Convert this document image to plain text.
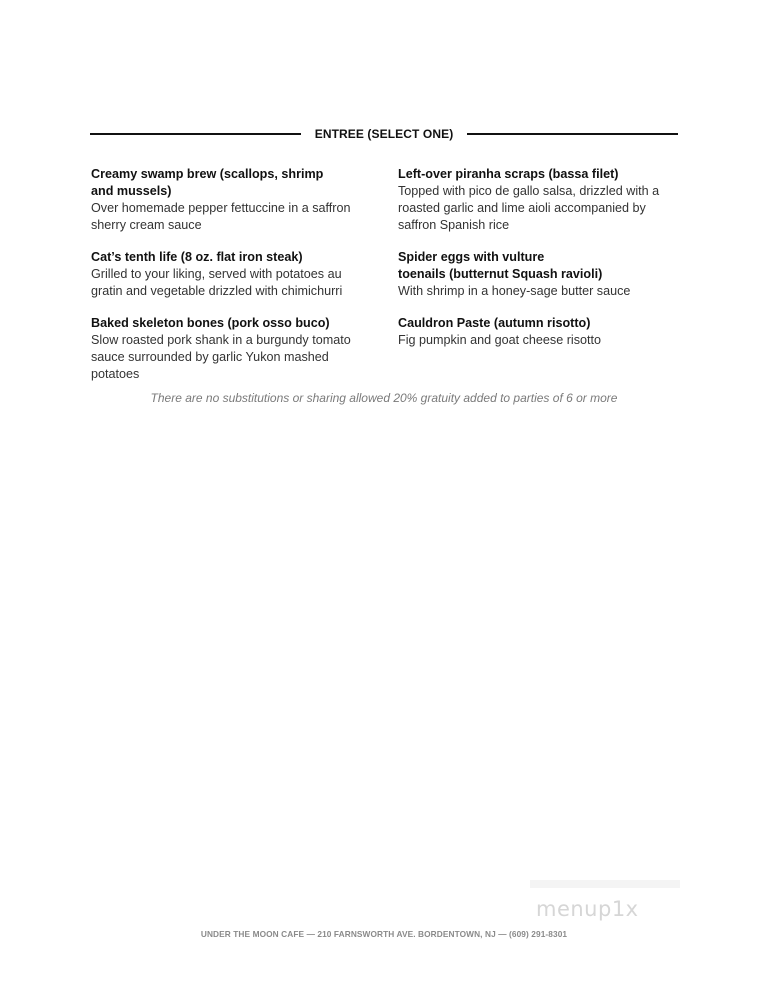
ENTREE (SELECT ONE)
Creamy swamp brew (scallops, shrimp
and mussels)
Over homemade pepper fettuccine in a saffron
sherry cream sauce
Cat’s tenth life (8 oz. flat iron steak)
Grilled to your liking, served with potatoes au
gratin and vegetable drizzled with chimichurri
Baked skeleton bones (pork osso buco)
Slow roasted pork shank in a burgundy tomato
sauce surrounded by garlic Yukon mashed
potatoes
Left-over piranha scraps (bassa filet)
Topped with pico de gallo salsa, drizzled with a
roasted garlic and lime aioli accompanied by
saffron Spanish rice
Spider eggs with vulture
toenails (butternut Squash ravioli)
With shrimp in a honey-sage butter sauce
Cauldron Paste (autumn risotto)
Fig pumpkin and goat cheese risotto
There are no substitutions or sharing allowed 20% gratuity added to parties of 6 or more
menup1x
UNDER THE MOON CAFE — 210 FARNSWORTH AVE. BORDENTOWN, NJ — (609) 291-8301
